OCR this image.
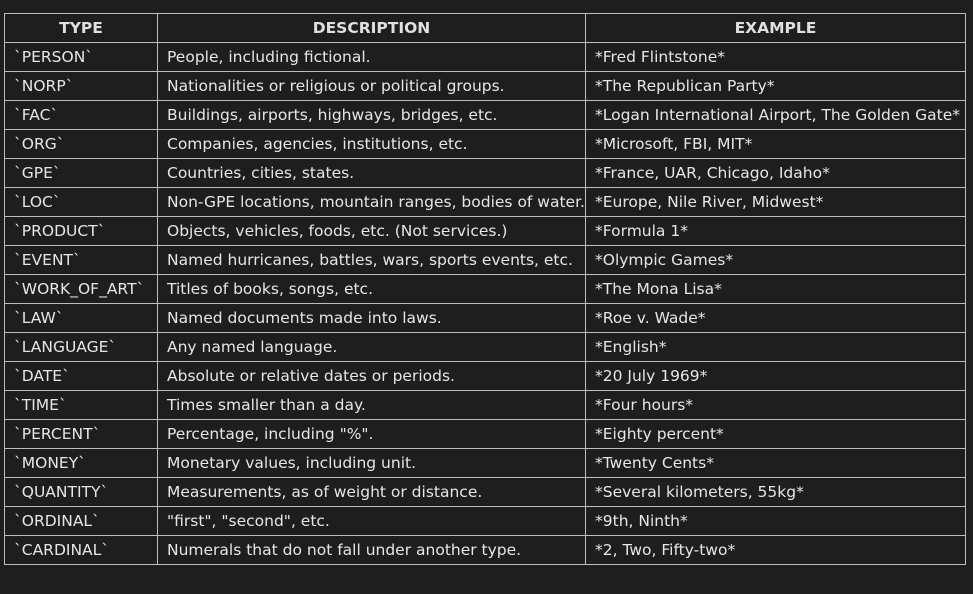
TYPE	DESCRIPTION	EXAMPLE
`PERSON`	People, including fictional.	*Fred Flintstone*
`NORP`	Nationalities or religious or political groups.	*The Republican Party*
`FAC`	Buildings, airports, highways, bridges, etc.	*Logan International Airport, The Golden Gate*
`ORG`	Companies, agencies, institutions, etc.	*Microsoft, FBI, MIT*
`GPE`	Countries, cities, states.	*France, UAR, Chicago, Idaho*
`LOC`	Non-GPE locations, mountain ranges, bodies of water.	*Europe, Nile River, Midwest*
`PRODUCT`	Objects, vehicles, foods, etc. (Not services.)	*Formula 1*
`EVENT`	Named hurricanes, battles, wars, sports events, etc.	*Olympic Games*
`WORK_OF_ART`	Titles of books, songs, etc.	*The Mona Lisa*
`LAW`	Named documents made into laws.	*Roe v. Wade*
`LANGUAGE`	Any named language.	*English*
`DATE`	Absolute or relative dates or periods.	*20 July 1969*
`TIME`	Times smaller than a day.	*Four hours*
`PERCENT`	Percentage, including "%".	*Eighty percent*
`MONEY`	Monetary values, including unit.	*Twenty Cents*
`QUANTITY`	Measurements, as of weight or distance.	*Several kilometers, 55kg*
`ORDINAL`	"first", "second", etc.	*9th, Ninth*
`CARDINAL`	Numerals that do not fall under another type.	*2, Two, Fifty-two*
